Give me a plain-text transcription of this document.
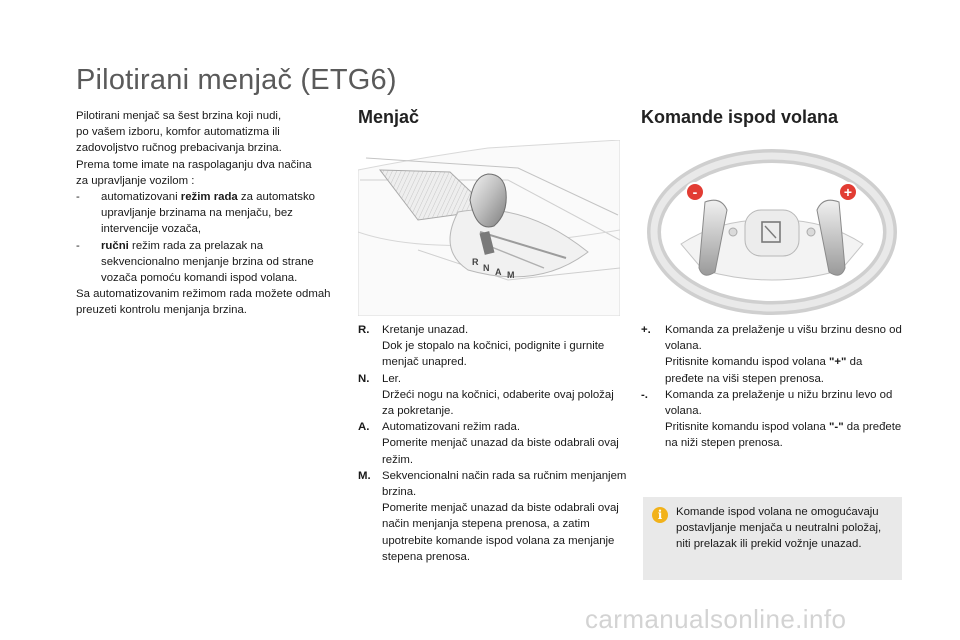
Pilotirani menjač (ETG6)

Pilotirani menjač sa šest brzina koji nudi,

po vašem izboru, komfor automatizma ili

zadovoljstvo ručnog prebacivanja brzina.

Prema tome imate na raspolaganju dva načina

za upravljanje vozilom :

-	automatizovani režim rada za automatsko upravljanje brzinama na menjaču, bez intervencije vozača,
-	ručni režim rada za prelazak na sekvencionalno menjanje brzina od strane vozača pomoću komandi ispod volana.

Sa automatizovanim režimom rada možete odmah preuzeti kontrolu menjanja brzina.

Menjač	Komande ispod volana
R
N A M
-	+
R.	Kretanje unazad.
Dok je stopalo na kočnici, podignite i gurnite menjač unapred.
N.	Ler.
Držeći nogu na kočnici, odaberite ovaj položaj za pokretanje.
A.	Automatizovani režim rada.
Pomerite menjač unazad da biste odabrali ovaj režim.
M. Sekvencionalni način rada sa ručnim menjanjem brzina.
Pomerite menjač unazad da biste odabrali ovaj način menjanja stepena prenosa, a zatim upotrebite komande ispod volana za menjanje stepena prenosa.
+.	Komanda za prelaženje u višu brzinu desno od volana.
Pritisnite komandu ispod volana "+" da pređete na viši stepen prenosa.
-.	Komanda za prelaženje u nižu brzinu levo od volana.
Pritisnite komandu ispod volana "-" da pređete na niži stepen prenosa.
i	Komande ispod volana ne omogućavaju postavljanje menjača u neutralni položaj, niti prelazak ili prekid vožnje unazad.
carmanualsonline.info
